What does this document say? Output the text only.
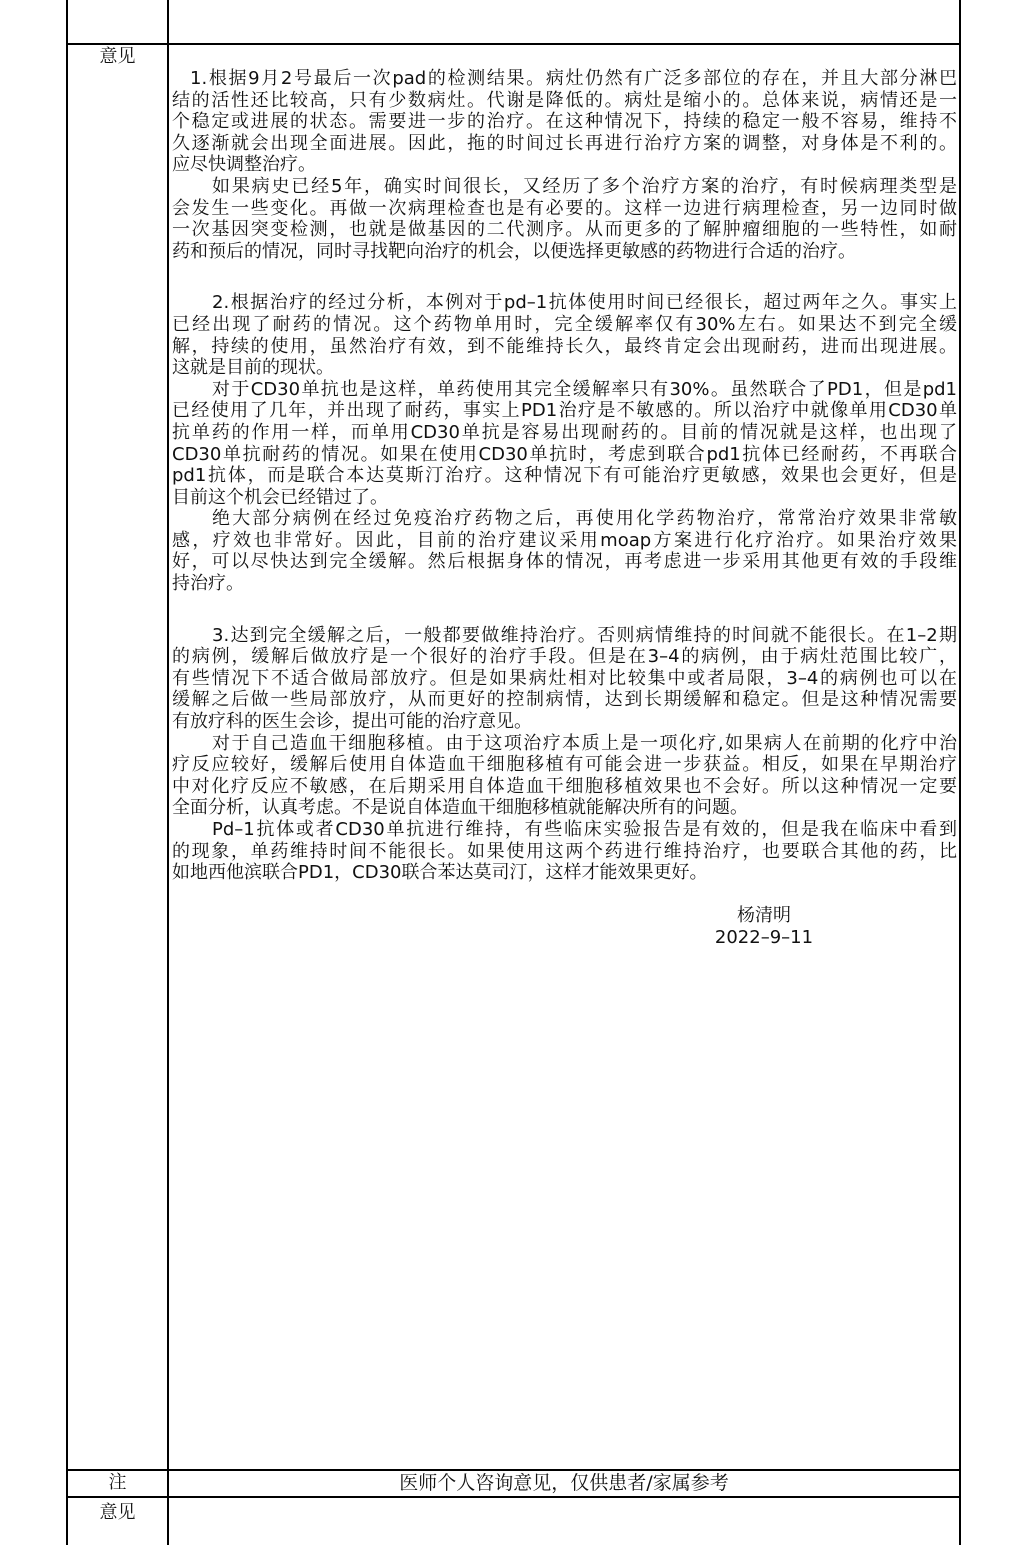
意见
1.根据9月2号最后一次pad的检测结果。病灶仍然有广泛多部位的存在，并且大部分淋巴
结的活性还比较高，只有少数病灶。代谢是降低的。病灶是缩小的。总体来说，病情还是一
个稳定或进展的状态。需要进一步的治疗。在这种情况下，持续的稳定一般不容易，维持不
久逐渐就会出现全面进展。因此，拖的时间过长再进行治疗方案的调整，对身体是不利的。
应尽快调整治疗。
如果病史已经5年，确实时间很长，又经历了多个治疗方案的治疗，有时候病理类型是
会发生一些变化。再做一次病理检查也是有必要的。这样一边进行病理检查，另一边同时做
一次基因突变检测，也就是做基因的二代测序。从而更多的了解肿瘤细胞的一些特性，如耐
药和预后的情况，同时寻找靶向治疗的机会，以便选择更敏感的药物进行合适的治疗。
2.根据治疗的经过分析，本例对于pd–1抗体使用时间已经很长，超过两年之久。事实上
已经出现了耐药的情况。这个药物单用时，完全缓解率仅有30%左右。如果达不到完全缓
解，持续的使用，虽然治疗有效，到不能维持长久，最终肯定会出现耐药，进而出现进展。
这就是目前的现状。
对于CD30单抗也是这样，单药使用其完全缓解率只有30%。虽然联合了PD1，但是pd1
已经使用了几年，并出现了耐药，事实上PD1治疗是不敏感的。所以治疗中就像单用CD30单
抗单药的作用一样，而单用CD30单抗是容易出现耐药的。目前的情况就是这样，也出现了
CD30单抗耐药的情况。如果在使用CD30单抗时，考虑到联合pd1抗体已经耐药，不再联合
pd1抗体，而是联合本达莫斯汀治疗。这种情况下有可能治疗更敏感，效果也会更好，但是
目前这个机会已经错过了。
绝大部分病例在经过免疫治疗药物之后，再使用化学药物治疗，常常治疗效果非常敏
感，疗效也非常好。因此，目前的治疗建议采用moap方案进行化疗治疗。如果治疗效果
好，可以尽快达到完全缓解。然后根据身体的情况，再考虑进一步采用其他更有效的手段维
持治疗。
3.达到完全缓解之后，一般都要做维持治疗。否则病情维持的时间就不能很长。在1–2期
的病例，缓解后做放疗是一个很好的治疗手段。但是在3–4的病例，由于病灶范围比较广，
有些情况下不适合做局部放疗。但是如果病灶相对比较集中或者局限，3–4的病例也可以在
缓解之后做一些局部放疗，从而更好的控制病情，达到长期缓解和稳定。但是这种情况需要
有放疗科的医生会诊，提出可能的治疗意见。
对于自己造血干细胞移植。由于这项治疗本质上是一项化疗,如果病人在前期的化疗中治
疗反应较好，缓解后使用自体造血干细胞移植有可能会进一步获益。相反，如果在早期治疗
中对化疗反应不敏感，在后期采用自体造血干细胞移植效果也不会好。所以这种情况一定要
全面分析，认真考虑。不是说自体造血干细胞移植就能解决所有的问题。
Pd–1抗体或者CD30单抗进行维持，有些临床实验报告是有效的，但是我在临床中看到
的现象，单药维持时间不能很长。如果使用这两个药进行维持治疗，也要联合其他的药，比
如地西他滨联合PD1，CD30联合苯达莫司汀，这样才能效果更好。
杨清明
2022–9–11
注	医师个人咨询意见，仅供患者/家属参考
意见
